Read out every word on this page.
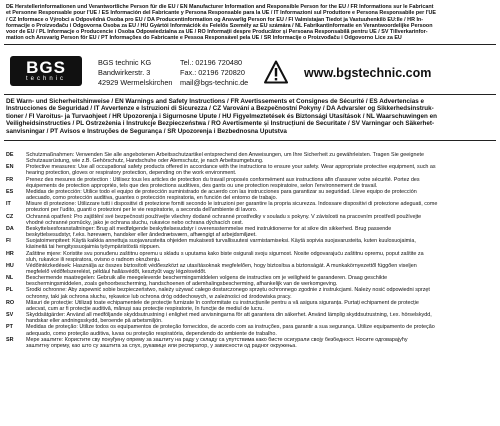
DE Herstellerinformationen und Verantwortliche Person für die EU / EN Manufacturer Information and Responsible Person for the EU / FR Informations sur le Fabricant
et Personne Responsable pour l'UE / ES Información del Fabricante y Persona Responsable para la UE / IT Informazioni sul Produttore e Persona Responsabile per l'UE
/ CZ Informace o Výrobci a Odpovědná Osoba pro EU / DA Producentinformation og Ansvarlig Person for EU / FI Valmistajan Tiedot ja Vastuuhenkilö EU:lle / HR In-
formacije o Proizvođaču i Odgovorna Osoba za EU / HU Gyártói Információk és Felelős Személy az EU számára / NL Fabrikantinformatie en Verantwoordelijke Persoon
voor de EU / PL Informacje o Producencie i Osoba Odpowiedzialna za UE / RO Informații despre Producător și Persoana Responsabilă pentru UE / SV Tillverkarinfor-
mation och Ansvarig Person för EU / PT Informações do Fabricante e Pessoa Responsável pela UE / SR Informacije o Proizvođaču i Odgovorno Lice za EU
BGS
technic
BGS technic KG
Bandwirkerstr. 3
42929 Wermelskirchen
Tel.: 02196 720480
Fax.: 02196 720820
mail@bgs-technic.de
www.bgstechnic.com
DE Warn- und Sicherheitshinweise / EN Warnings and Safety Instructions / FR Avertissements et Consignes de Sécurité / ES Advertencias e
Instrucciones de Seguridad / IT Avvertenze e Istruzioni di Sicurezza / CZ Varování a Bezpečnostní Pokyny / DA Advarsler og Sikkerhedsinstruk-
tioner / FI Varoitus- ja Turvaohjeet / HR Upozorenja i Sigurnosne Upute / HU Figyelmeztetések és Biztonsági Utasítások / NL Waarschuwingen en
Veiligheidsinstructies / PL Ostrzeżenia i Instrukcje Bezpieczeństwa / RO Avertismente și Instrucțiuni de Securitate / SV Varningar och Säkerhet-
sanvisningar / PT Avisos e Instruções de Segurança / SR Upozorenja i Bezbednosna Uputstva
DE	Schutzmaßnahmen: Verwenden Sie alle angebotenen Arbeitsschutzartikel entsprechend den Anweisungen, um Ihre Sicherheit zu gewährleisten. Tragen Sie geeignete
Schutzausrüstung, wie z.B. Gehörschutz, Handschuhe oder Atemschutz, je nach Arbeitsumgebung.
EN	Protective measures: Use all occupational safety products offered in accordance with the instructions to ensure your safety. Wear appropriate protective equipment, such as
hearing protection, gloves or respiratory protection, depending on the work environment.
FR	Prenez des mesures de protection : Utilisez tous les articles de protection du travail proposés conformément aux instructions afin d'assurer votre sécurité. Portez des
équipements de protection appropriés, tels que des protections auditives, des gants ou une protection respiratoire, selon l'environnement de travail.
ES	Medidas de protección: Utilice todo el equipo de protección suministrado de acuerdo con las instrucciones para garantizar su seguridad. Lleve equipo de protección
adecuado, como protección auditiva, guantes o protección respiratoria, en función del entorno de trabajo.
IT	Misure di protezione: Utilizzare tutti i dispositivi di protezione forniti secondo le istruzioni per garantire la propria sicurezza. Indossare dispositivi di protezione adeguati, come
protezioni per l'udito, guanti o protezioni per le vie respiratorie, a seconda dell'ambiente di lavoro.
CZ	Ochranná opatření: Pro zajištění své bezpečnosti používejte všechny dodané ochranné prostředky v souladu s pokyny. V závislosti na pracovním prostředí používejte
vhodné ochranné pomůcky, jako je ochrana sluchu, rukavice nebo ochrana dýchacích cest.
DA	Beskyttelsesforanstaltninger: Brug alt medfølgende beskyttelsesudstyr i overensstemmelse med instruktionerne for at sikre din sikkerhed. Brug passende
beskyttelsesudstyr, f.eks. høreværn, handsker eller åndedrætsværn, afhængigt af arbejdsmiljøet.
FI	Suojatoimenpiteet: Käytä kaikkia annettuja suojavarusteita ohjeiden mukaisesti turvallisuutesi varmistamiseksi. Käytä sopivia suojavarusteita, kuten kuulosuojaimia,
käsineitä tai hengityssuojaimia työympäristöstä riippuen.
HR	Zaštitne mjere: Koristite svu ponuđenu zaštitnu opremu u skladu s uputama kako biste osigurali svoju sigurnost. Nosite odgovarajuću zaštitnu opremu, poput zaštite za
sluh, rukavice ili respiratora, ovisno o radnom okruženju.
HU	Védőintézkedések: Használja az összes biztosított védőeszközt az utasításoknak megfelelően, hogy biztosítsa a biztonságát. A munkakörnyezettől függően viseljen
megfelelő védőfelszerelést, például hallásvédőt, kesztyűt vagy légzésvédőt.
NL	Beschermende maatregelen: Gebruik alle meegeleverde beschermingsmiddelen volgens de instructies om je veiligheid te garanderen. Draag geschikte
beschermingsmiddelen, zoals gehoorbescherming, handschoenen of ademhalingsbescherming, afhankelijk van de werkomgeving.
PL	Środki ochronne: Aby zapewnić sobie bezpieczeństwo, należy używać całego dostarczonego sprzętu ochronnego zgodnie z instrukcjami. Należy nosić odpowiedni sprzęt
ochronny, taki jak ochrona słuchu, rękawice lub ochrona dróg oddechowych, w zależności od środowiska pracy.
RO	Măsuri de protecție: Utilizați toate echipamentele de protecție furnizate în conformitate cu instrucțiunile pentru a vă asigura siguranța. Purtați echipament de protecție
adecvat, cum ar fi protecție auditivă, mănuși sau protecție respiratorie, în funcție de mediul de lucru.
SV	Skyddsåtgärder: Använd all medföljande skyddsutrustning i enlighet med anvisningarna för att garantera din säkerhet. Använd lämplig skyddsutrustning, t.ex. hörselskydd,
handskar eller andningsskydd, beroende på arbetsmiljön.
PT	Medidas de proteção: Utilize todos os equipamentos de proteção fornecidos, de acordo com as instruções, para garantir a sua segurança. Utilize equipamento de proteção
adequado, como proteção auditiva, luvas ou proteção respiratória, dependendo do ambiente de trabalho.
SR	Мере заштите: Користите сву понуђену опрему за заштиту на раду у складу са упутствима како бисте осигурали своју безбедност. Носите одговарајућу
заштитну опрему, као што су заштита за слух, рукавице или респиратор, у зависности од радног окружења.
